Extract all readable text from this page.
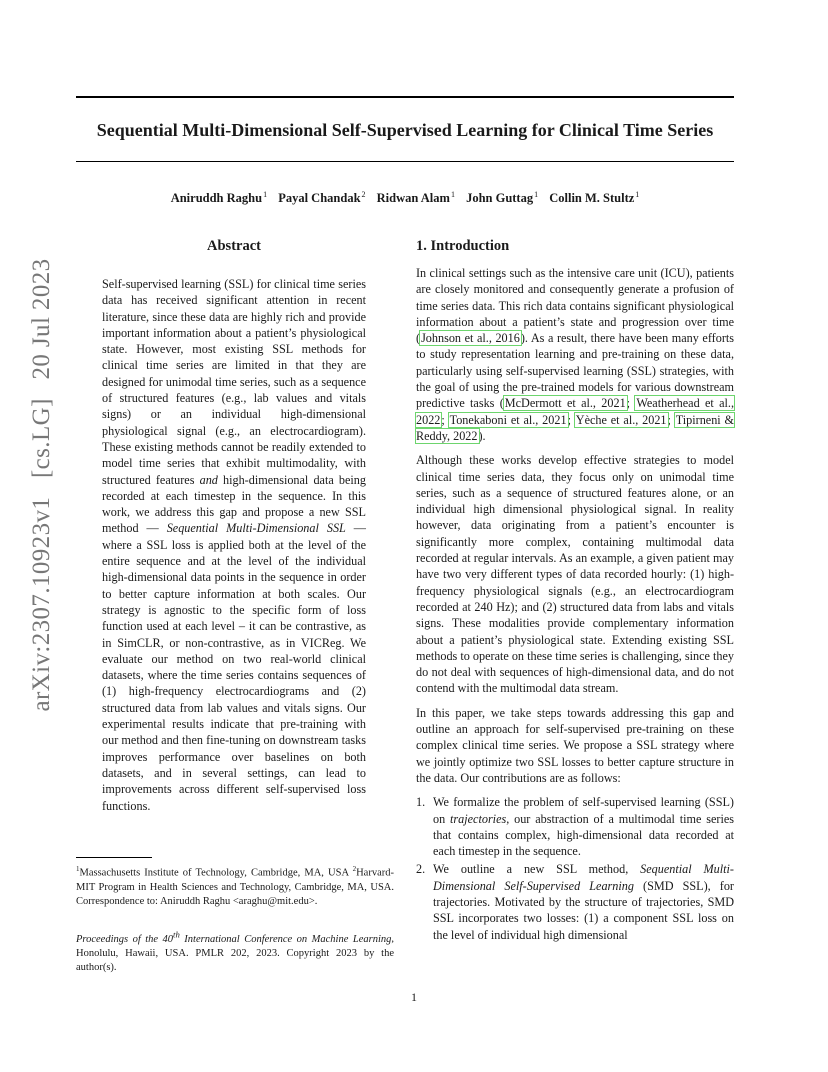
Sequential Multi-Dimensional Self-Supervised Learning for Clinical Time Series
Aniruddh Raghu$^1$ Payal Chandak$^2$ Ridwan Alam$^1$ John Guttag$^1$ Collin M. Stultz$^1$
arXiv:2307.10923v1 [cs.LG] 20 Jul 2023
Abstract

Self-supervised learning (SSL) for clinical time series data has received significant attention in recent literature, since these data are highly rich and provide important information about a patient’s physiological state. However, most existing SSL methods for clinical time series are limited in that they are designed for unimodal time series, such as a sequence of structured features (e.g., lab values and vitals signs) or an individual high-dimensional physiological signal (e.g., an electrocardiogram). These existing methods cannot be readily extended to model time series that exhibit multimodality, with structured features and high-dimensional data being recorded at each timestep in the sequence. In this work, we address this gap and propose a new SSL method — Sequential Multi-Dimensional SSL — where a SSL loss is applied both at the level of the entire sequence and at the level of the individual high-dimensional data points in the sequence in order to better capture information at both scales. Our strategy is agnostic to the specific form of loss function used at each level – it can be contrastive, as in SimCLR, or non-contrastive, as in VICReg. We evaluate our method on two real-world clinical datasets, where the time series contains sequences of (1) high-frequency electrocardiograms and (2) structured data from lab values and vitals signs. Our experimental results indicate that pre-training with our method and then fine-tuning on downstream tasks improves performance over baselines on both datasets, and in several settings, can lead to improvements across different self-supervised loss functions.

1. Introduction

In clinical settings such as the intensive care unit (ICU), patients are closely monitored and consequently generate a profusion of time series data. This rich data contains significant physiological information about a patient’s state and progression over time (Johnson et al., 2016). As a result, there have been many efforts to study representation learning and pre-training on these data, particularly using self-supervised learning (SSL) strategies, with the goal of using the pre-trained models for various downstream predictive tasks (McDermott et al., 2021; Weatherhead et al., 2022; Tonekaboni et al., 2021; Yèche et al., 2021; Tipirneni & Reddy, 2022).

Although these works develop effective strategies to model clinical time series data, they focus only on unimodal time series, such as a sequence of structured features alone, or an individual high dimensional physiological signal. In reality however, data originating from a patient’s encounter is significantly more complex, containing multimodal data recorded at regular intervals. As an example, a given patient may have two very different types of data recorded hourly: (1) high-frequency physiological signals (e.g., an electrocardiogram recorded at 240 Hz); and (2) structured data from labs and vitals signs. These modalities provide complementary information about a patient’s physiological state. Extending existing SSL methods to operate on these time series is challenging, since they do not deal with sequences of high-dimensional data, and do not contend with the multimodal data stream.

In this paper, we take steps towards addressing this gap and outline an approach for self-supervised pre-training on these complex clinical time series. We propose a SSL strategy where we jointly optimize two SSL losses to better capture structure in the data. Our contributions are as follows:

1. We formalize the problem of self-supervised learning (SSL) on trajectories, our abstraction of a multimodal time series that contains complex, high-dimensional data recorded at each timestep in the sequence.
2. We outline a new SSL method, Sequential Multi-Dimensional Self-Supervised Learning (SMD SSL), for trajectories. Motivated by the structure of trajectories, SMD SSL incorporates two losses: (1) a component SSL loss on the level of individual high dimensional
$^1$Massachusetts Institute of Technology, Cambridge, MA, USA $^2$Harvard-MIT Program in Health Sciences and Technology, Cambridge, MA, USA. Correspondence to: Aniruddh Raghu <araghu@mit.edu>.
Proceedings of the 40th International Conference on Machine Learning, Honolulu, Hawaii, USA. PMLR 202, 2023. Copyright 2023 by the author(s).
1
